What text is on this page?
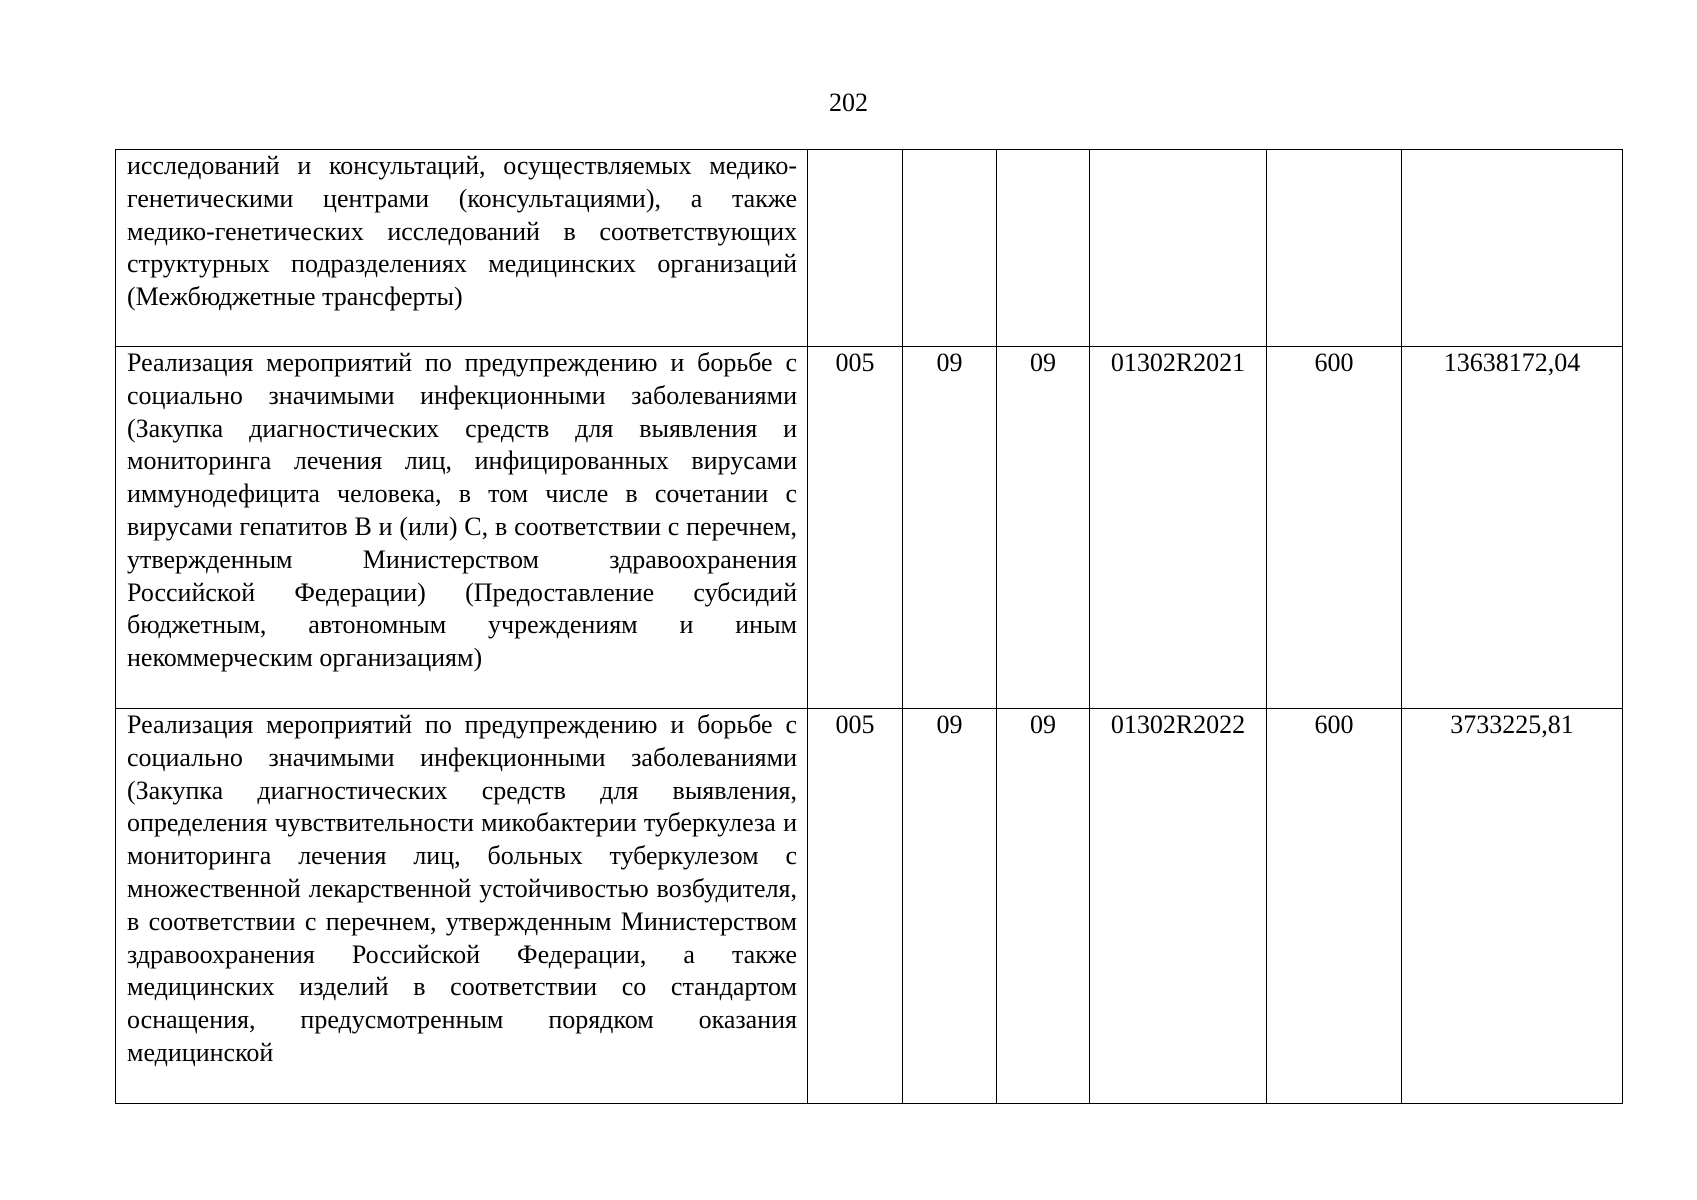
202
исследований и консультаций, осуществляемых медико-генетическими центрами (консультациями), а также медико-генетических исследований в соответствующих структурных подразделениях медицинских организаций (Межбюджетные трансферты)						

Реализация мероприятий по предупреждению и борьбе с социально значимыми инфекционными заболеваниями (Закупка диагностических средств для выявления и мониторинга лечения лиц, инфицированных вирусами иммунодефицита человека, в том числе в сочетании с вирусами гепатитов B и (или) C, в соответствии с перечнем, утвержденным Министерством здравоохранения Российской Федерации) (Предоставление субсидий бюджетным, автономным учреждениям и иным некоммерческим организациям)	005	09	09	01302R2021	600	13638172,04

Реализация мероприятий по предупреждению и борьбе с социально значимыми инфекционными заболеваниями (Закупка диагностических средств для выявления, определения чувствительности микобактерии туберкулеза и мониторинга лечения лиц, больных туберкулезом с множественной лекарственной устойчивостью возбудителя, в соответствии с перечнем, утвержденным Министерством здравоохранения Российской Федерации, а также медицинских изделий в соответствии со стандартом оснащения, предусмотренным порядком оказания медицинской	005	09	09	01302R2022	600	3733225,81
